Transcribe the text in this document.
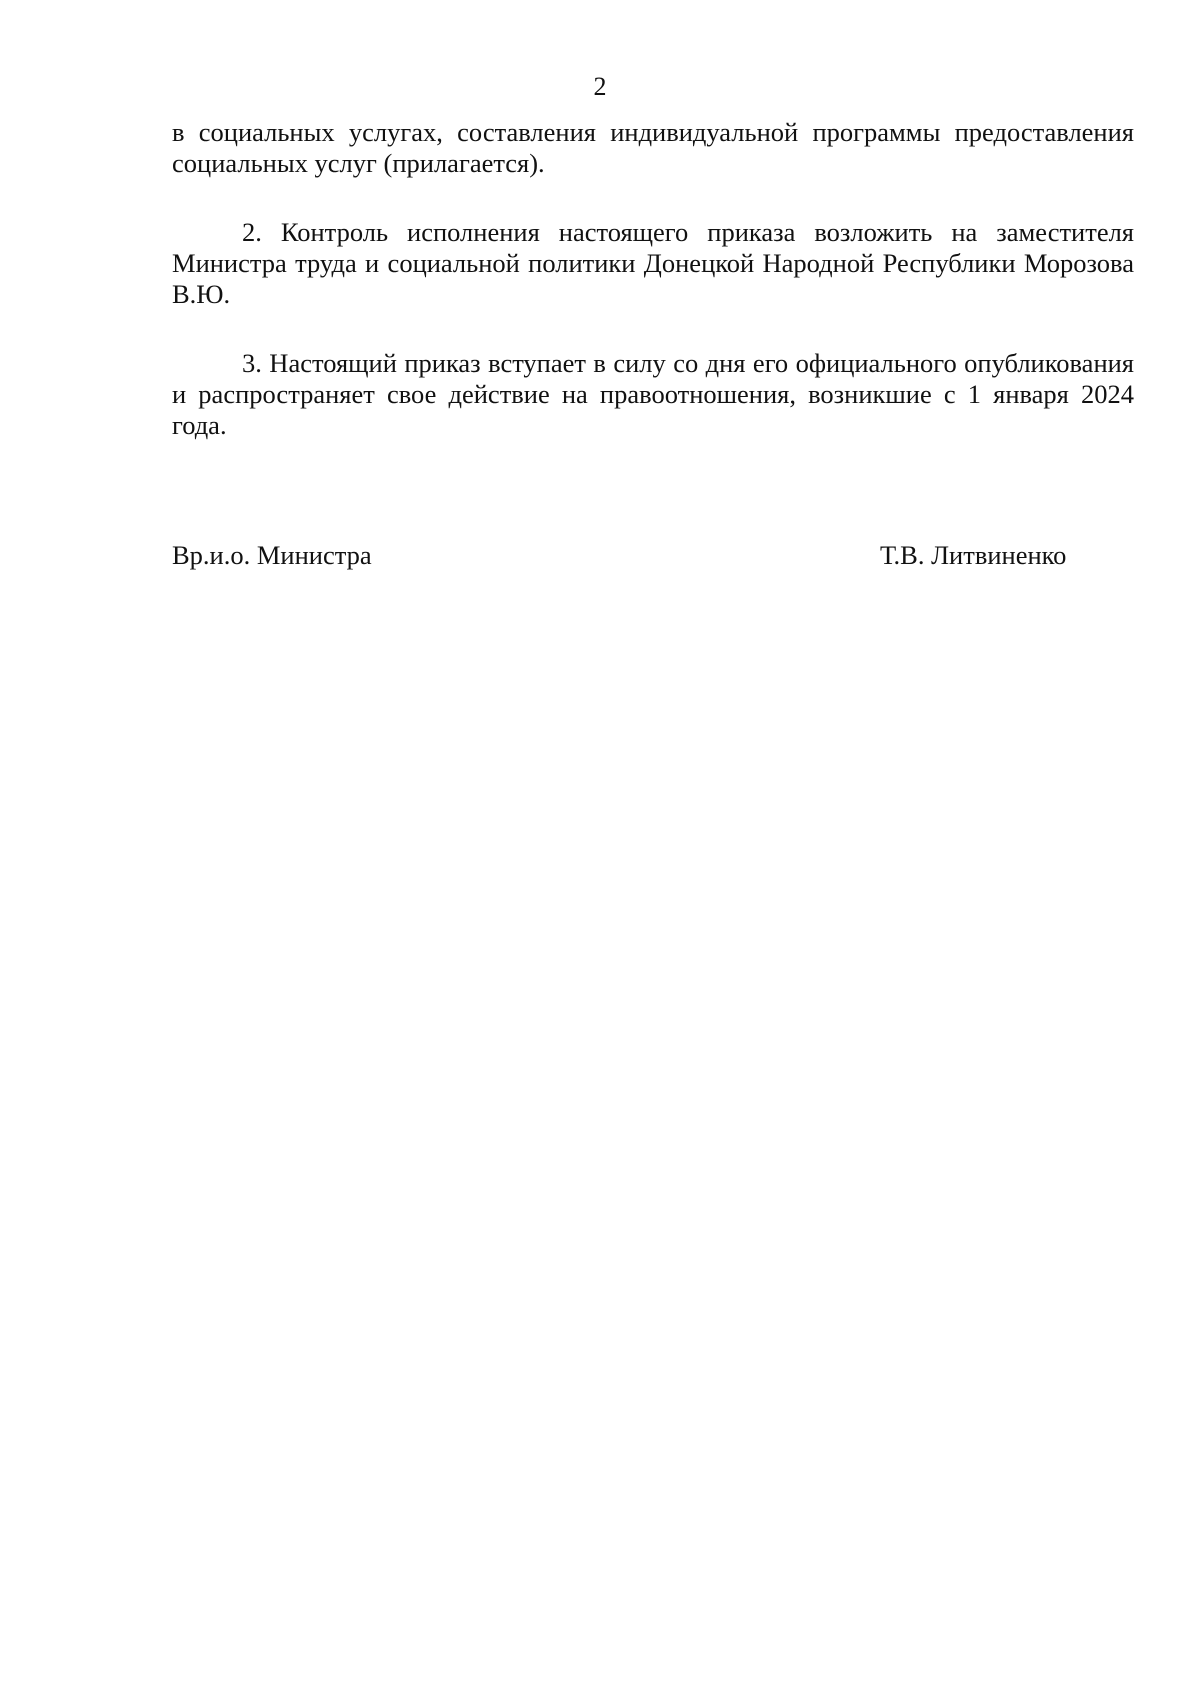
2

в социальных услугах, составления индивидуальной программы предоставления социальных услуг (прилагается).

2. Контроль исполнения настоящего приказа возложить на заместителя Министра труда и социальной политики Донецкой Народной Республики Морозова В.Ю.

3. Настоящий приказ вступает в силу со дня его официального опубликования и распространяет свое действие на правоотношения, возникшие с 1 января 2024 года.

Вр.и.о. Министра	Т.В. Литвиненко
